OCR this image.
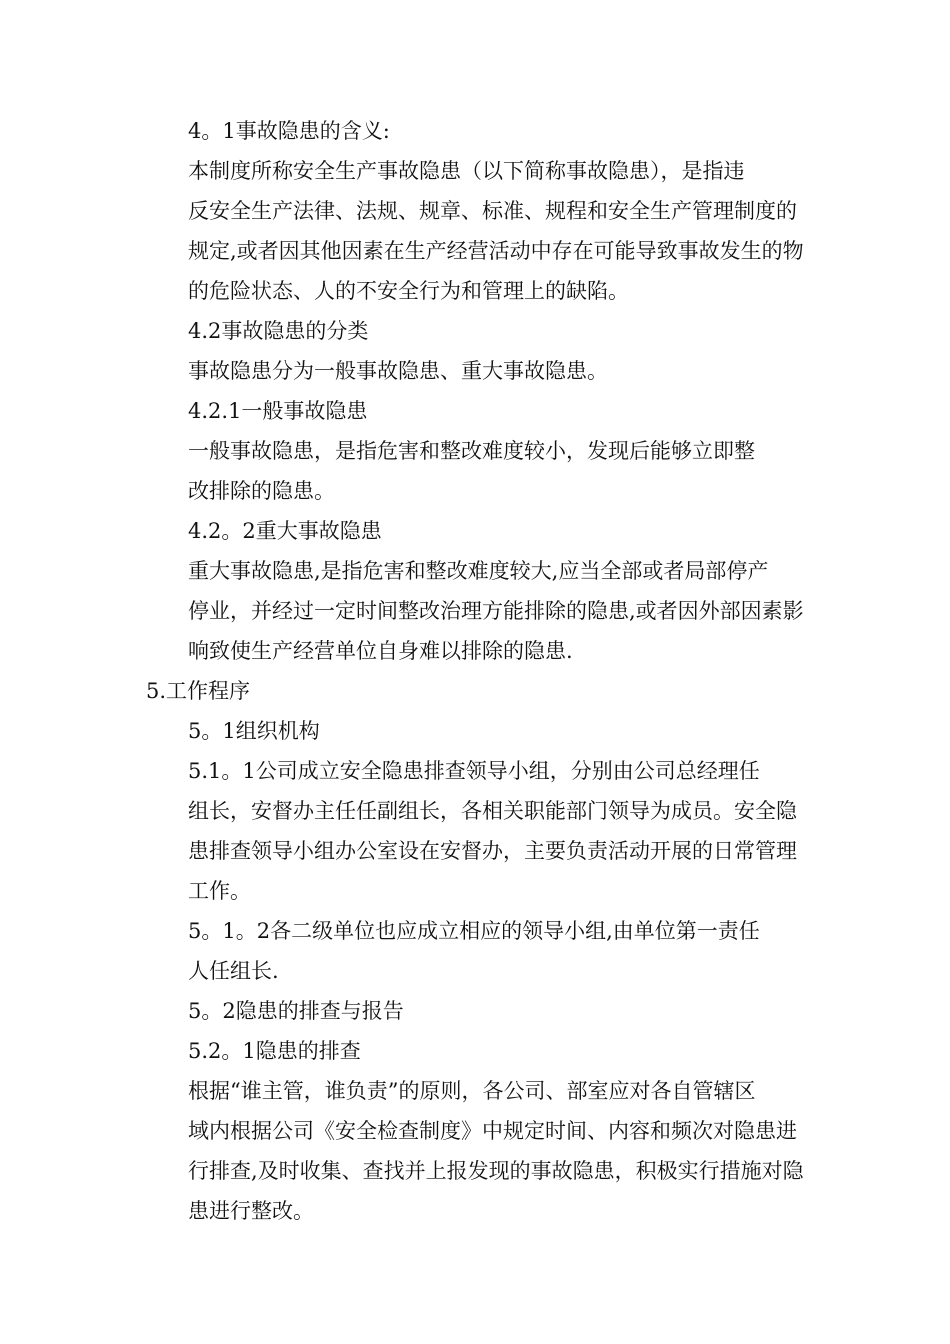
4。1事故隐患的含义:

本制度所称安全生产事故隐患（以下简称事故隐患），是指违
反安全生产法律、法规、规章、标准、规程和安全生产管理制度的
规定,或者因其他因素在生产经营活动中存在可能导致事故发生的物
的危险状态、人的不安全行为和管理上的缺陷。

4.2事故隐患的分类

事故隐患分为一般事故隐患、重大事故隐患。

4.2.1一般事故隐患

一般事故隐患，是指危害和整改难度较小，发现后能够立即整
改排除的隐患。

4.2。2重大事故隐患

重大事故隐患,是指危害和整改难度较大,应当全部或者局部停产
停业，并经过一定时间整改治理方能排除的隐患,或者因外部因素影
响致使生产经营单位自身难以排除的隐患.

5.工作程序

5。1组织机构

5.1。1公司成立安全隐患排查领导小组，分别由公司总经理任
组长，安督办主任任副组长，各相关职能部门领导为成员。安全隐
患排查领导小组办公室设在安督办，主要负责活动开展的日常管理
工作。

5。1。2各二级单位也应成立相应的领导小组,由单位第一责任
人任组长.

5。2隐患的排查与报告

5.2。1隐患的排查

根据“谁主管，谁负责”的原则，各公司、部室应对各自管辖区
域内根据公司《安全检查制度》中规定时间、内容和频次对隐患进
行排查,及时收集、查找并上报发现的事故隐患，积极实行措施对隐
患进行整改。
